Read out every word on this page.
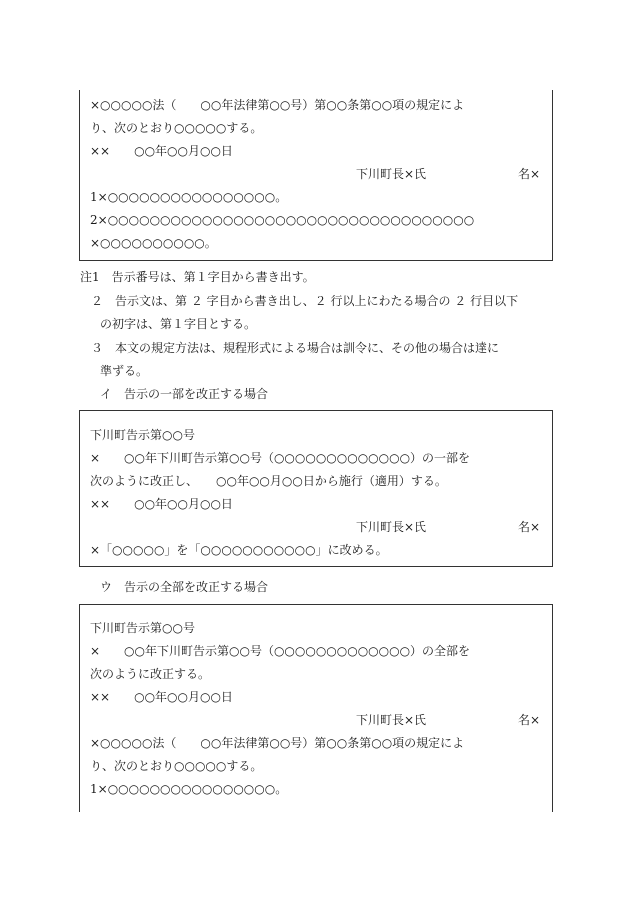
×○○○○○法（　　○○年法律第○○号）第○○条第○○項の規定によ
り、次のとおり○○○○○する。
××　　○○年○○月○○日
下川町長×氏	名×
1×○○○○○○○○○○○○○○○○。
2×○○○○○○○○○○○○○○○○○○○○○○○○○○○○○○○○○○○
×○○○○○○○○○○。
注1　告示番号は、第１字目から書き出す。
２　告示文は、第 ２ 字目から書き出し、２ 行以上にわたる場合の ２ 行目以下
の初字は、第１字目とする。
３　本文の規定方法は、規程形式による場合は訓令に、その他の場合は達に
準ずる。
イ　告示の一部を改正する場合
下川町告示第○○号
×　　○○年下川町告示第○○号（○○○○○○○○○○○○○）の一部を
次のように改正し、　　○○年○○月○○日から施行（適用）する。
××　　○○年○○月○○日
下川町長×氏	名×
×「○○○○○」を「○○○○○○○○○○○」に改める。
ウ　告示の全部を改正する場合
下川町告示第○○号
×　　○○年下川町告示第○○号（○○○○○○○○○○○○○）の全部を
次のように改正する。
××　　○○年○○月○○日
下川町長×氏	名×
×○○○○○法（　　○○年法律第○○号）第○○条第○○項の規定によ
り、次のとおり○○○○○する。
1×○○○○○○○○○○○○○○○○。
